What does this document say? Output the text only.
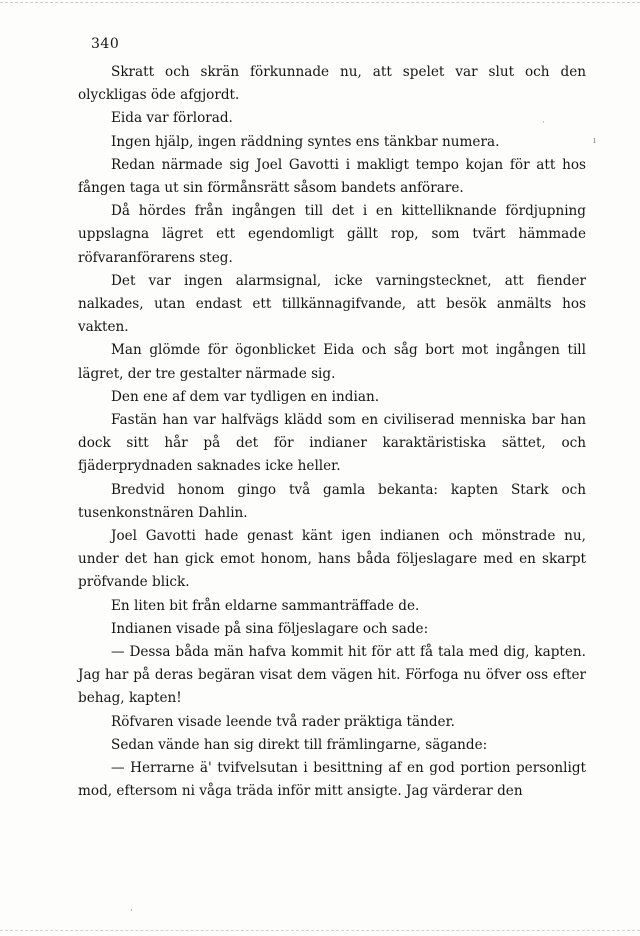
340

Skratt och skrän förkunnade nu, att spelet var slut och den olyckligas öde afgjordt.

Eida var förlorad.

Ingen hjälp, ingen räddning syntes ens tänkbar numera.

Redan närmade sig Joel Gavotti i makligt tempo kojan för att hos fången taga ut sin förmånsrätt såsom bandets anförare.

Då hördes från ingången till det i en kittelliknande fördjupning uppslagna lägret ett egendomligt gällt rop, som tvärt hämmade röfvaranförarens steg.

Det var ingen alarmsignal, icke varningstecknet, att fiender nalkades, utan endast ett tillkännagifvande, att besök anmälts hos vakten.

Man glömde för ögonblicket Eida och såg bort mot ingången till lägret, der tre gestalter närmade sig.

Den ene af dem var tydligen en indian.

Fastän han var halfvägs klädd som en civiliserad menniska bar han dock sitt hår på det för indianer karaktäristiska sättet, och fjäderprydnaden saknades icke heller.

Bredvid honom gingo två gamla bekanta: kapten Stark och tusenkonstnären Dahlin.

Joel Gavotti hade genast känt igen indianen och mönstrade nu, under det han gick emot honom, hans båda följeslagare med en skarpt pröfvande blick.

En liten bit från eldarne sammanträffade de.

Indianen visade på sina följeslagare och sade:

— Dessa båda män hafva kommit hit för att få tala med dig, kapten. Jag har på deras begäran visat dem vägen hit. Förfoga nu öfver oss efter behag, kapten!

Röfvaren visade leende två rader präktiga tänder.

Sedan vände han sig direkt till främlingarne, sägande:

— Herrarne ä' tvifvelsutan i besittning af en god portion personligt mod, eftersom ni våga träda inför mitt ansigte. Jag värderar den

ı
·
·
